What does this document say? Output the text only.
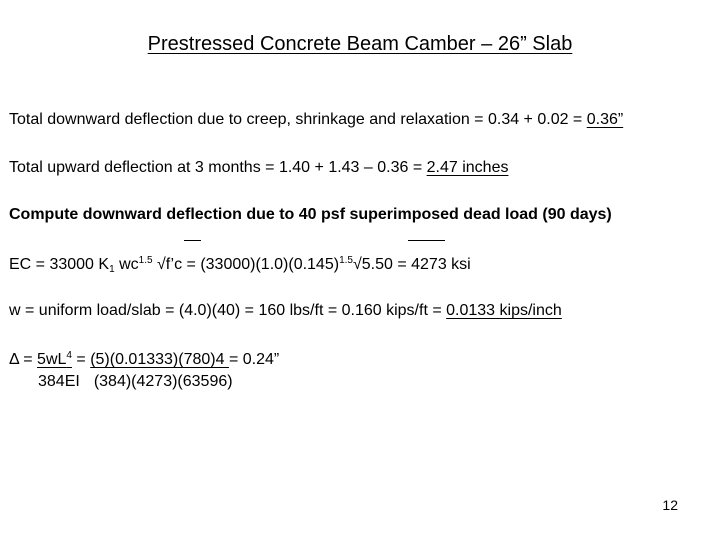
Prestressed Concrete Beam Camber – 26” Slab
Total downward deflection due to creep, shrinkage and relaxation = 0.34 + 0.02 = 0.36”
Total upward deflection at 3 months = 1.40 + 1.43 – 0.36 = 2.47 inches
Compute downward deflection due to 40 psf superimposed dead load (90 days)
EC = 33000 $K_1$ $wc^{1.5}$ √f’c = $(33000)(1.0)(0.145)^{1.5}√5.50 = 4273$ ksi
w = uniform load/slab = (4.0)(40) = 160 lbs/ft = 0.160 kips/ft = 0.0133 kips/inch
$\Delta = 5wL^4 = (5)(0.01333)(780)4 = 0.24$”
384EI (384)(4273)(63596)
12
